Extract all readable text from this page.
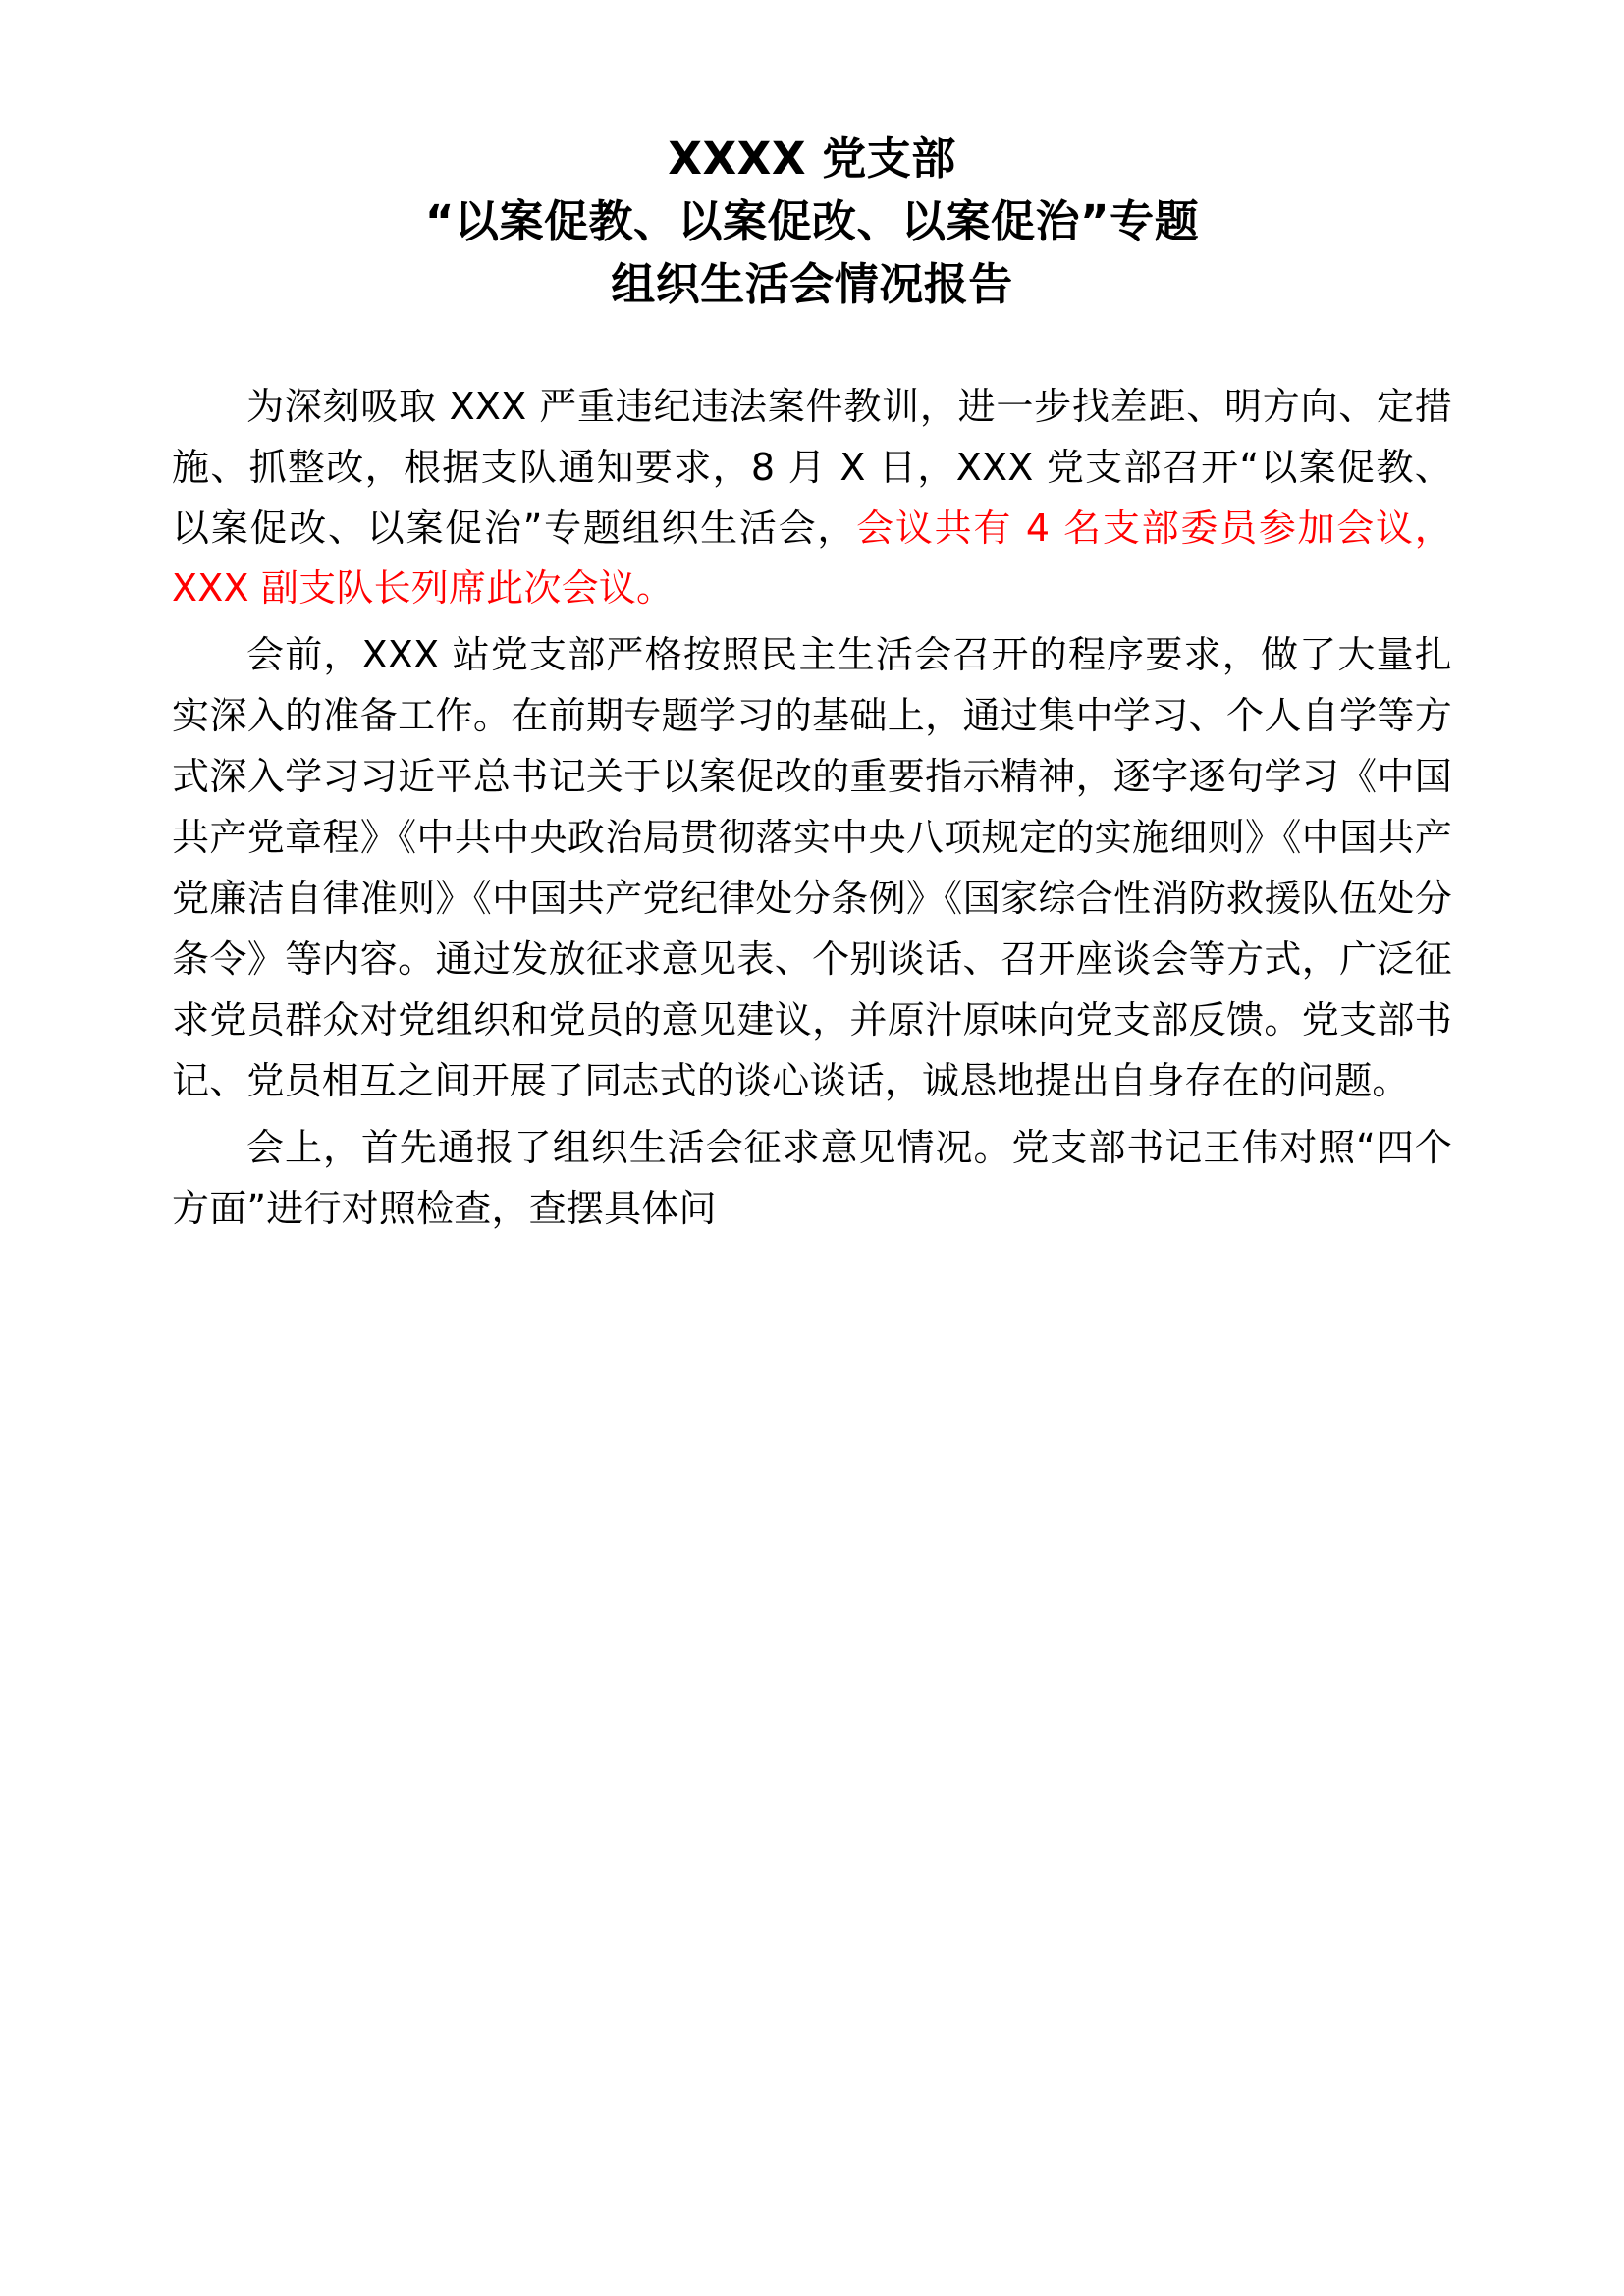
XXXX 党支部
“以案促教、以案促改、以案促治”专题
组织生活会情况报告

为深刻吸取 XXX 严重违纪违法案件教训，进一步找差距、明方向、定措施、抓整改，根据支队通知要求，8 月 X 日，XXX 党支部召开“以案促教、以案促改、以案促治”专题组织生活会，会议共有 4 名支部委员参加会议，XXX 副支队长列席此次会议。

会前，XXX 站党支部严格按照民主生活会召开的程序要求，做了大量扎实深入的准备工作。在前期专题学习的基础上，通过集中学习、个人自学等方式深入学习习近平总书记关于以案促改的重要指示精神，逐字逐句学习《中国共产党章程》《中共中央政治局贯彻落实中央八项规定的实施细则》《中国共产党廉洁自律准则》《中国共产党纪律处分条例》《国家综合性消防救援队伍处分条令》等内容。通过发放征求意见表、个别谈话、召开座谈会等方式，广泛征求党员群众对党组织和党员的意见建议，并原汁原味向党支部反馈。党支部书记、党员相互之间开展了同志式的谈心谈话，诚恳地提出自身存在的问题。

会上，首先通报了组织生活会征求意见情况。党支部书记王伟对照“四个方面”进行对照检查，查摆具体问
